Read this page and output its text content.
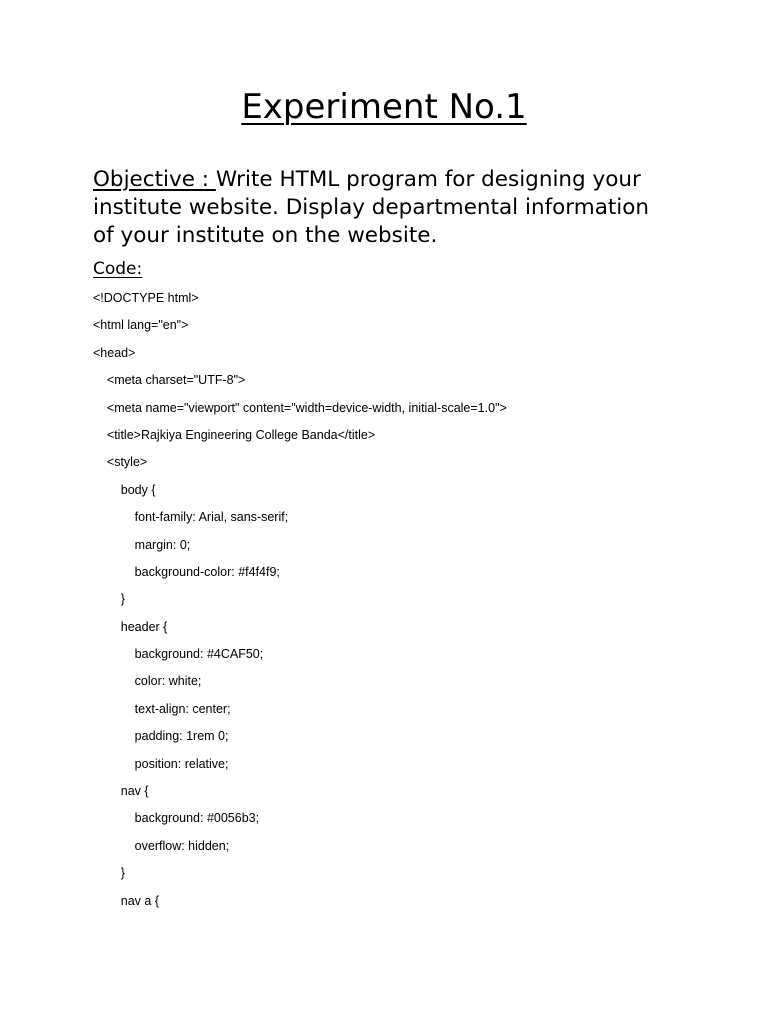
Experiment No.1
Objective : Write HTML program for designing your institute website. Display departmental information of your institute on the website.
Code:
<!DOCTYPE html>
<html lang="en">
<head>
<meta charset="UTF-8">
<meta name="viewport" content="width=device-width, initial-scale=1.0">
<title>Rajkiya Engineering College Banda</title>
<style>
body {
font-family: Arial, sans-serif;
margin: 0;
background-color: #f4f4f9;
}
header {
background: #4CAF50;
color: white;
text-align: center;
padding: 1rem 0;
position: relative;
nav {
background: #0056b3;
overflow: hidden;
}
nav a {
